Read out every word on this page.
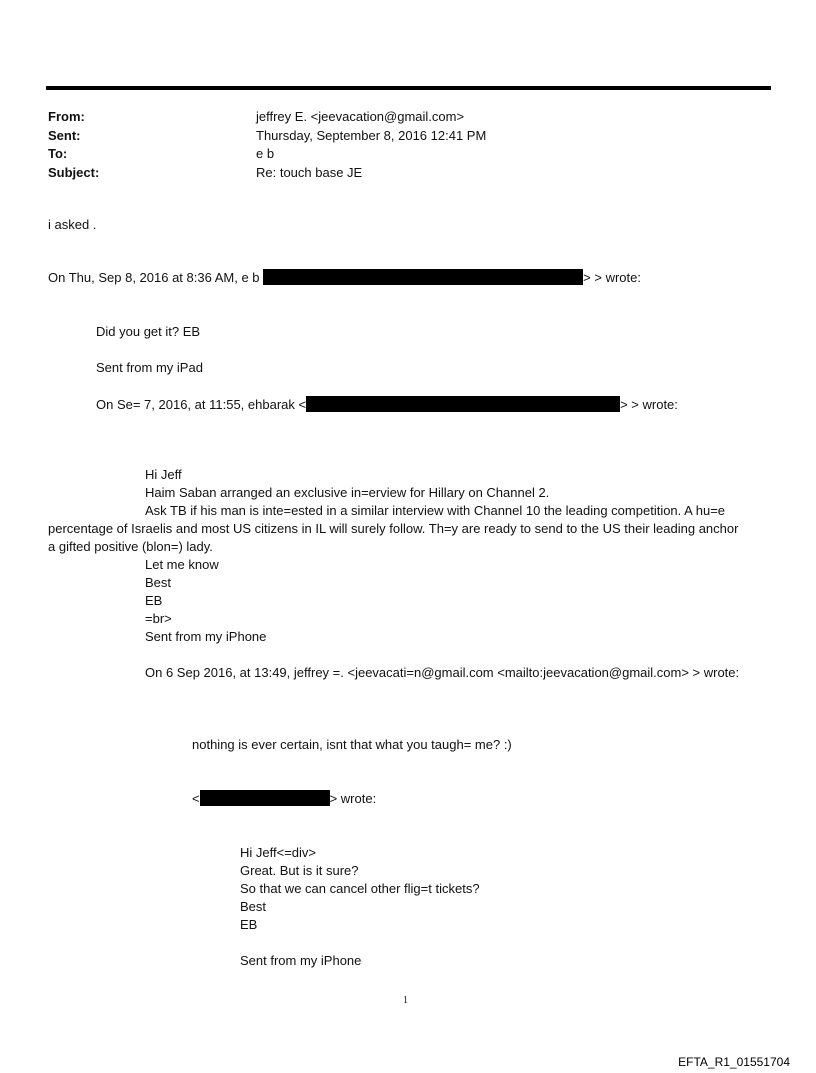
From:	jeffrey E. <jeevacation@gmail.com>
Sent:	Thursday, September 8, 2016 12:41 PM
To:	e b
Subject:	Re: touch base JE
i asked .
On Thu, Sep 8, 2016 at 8:36 AM, e b	> > wrote:
Did you get it? EB
Sent from my iPad
On Se= 7, 2016, at 11:55, ehbarak <	> > wrote:
Hi Jeff
Haim Saban arranged an exclusive in=erview for Hillary on Channel 2.
Ask TB if his man is inte=ested in a similar interview with Channel 10 the leading competition. A hu=e
percentage of Israelis and most US citizens in IL will surely follow. Th=y are ready to send to the US their leading anchor
a gifted positive (blon=) lady.
Let me know
Best
EB
=br>
Sent from my iPhone
On 6 Sep 2016, at 13:49, jeffrey =. <jeevacati=n@gmail.com <mailto:jeevacation@gmail.com> > wrote:
nothing is ever certain, isnt that what you taugh= me? :)
<	> wrote:
Hi Jeff<=div>
Great. But is it sure?
So that we can cancel other flig=t tickets?
Best
EB
Sent from my iPhone
1
EFTA_R1_01551704
